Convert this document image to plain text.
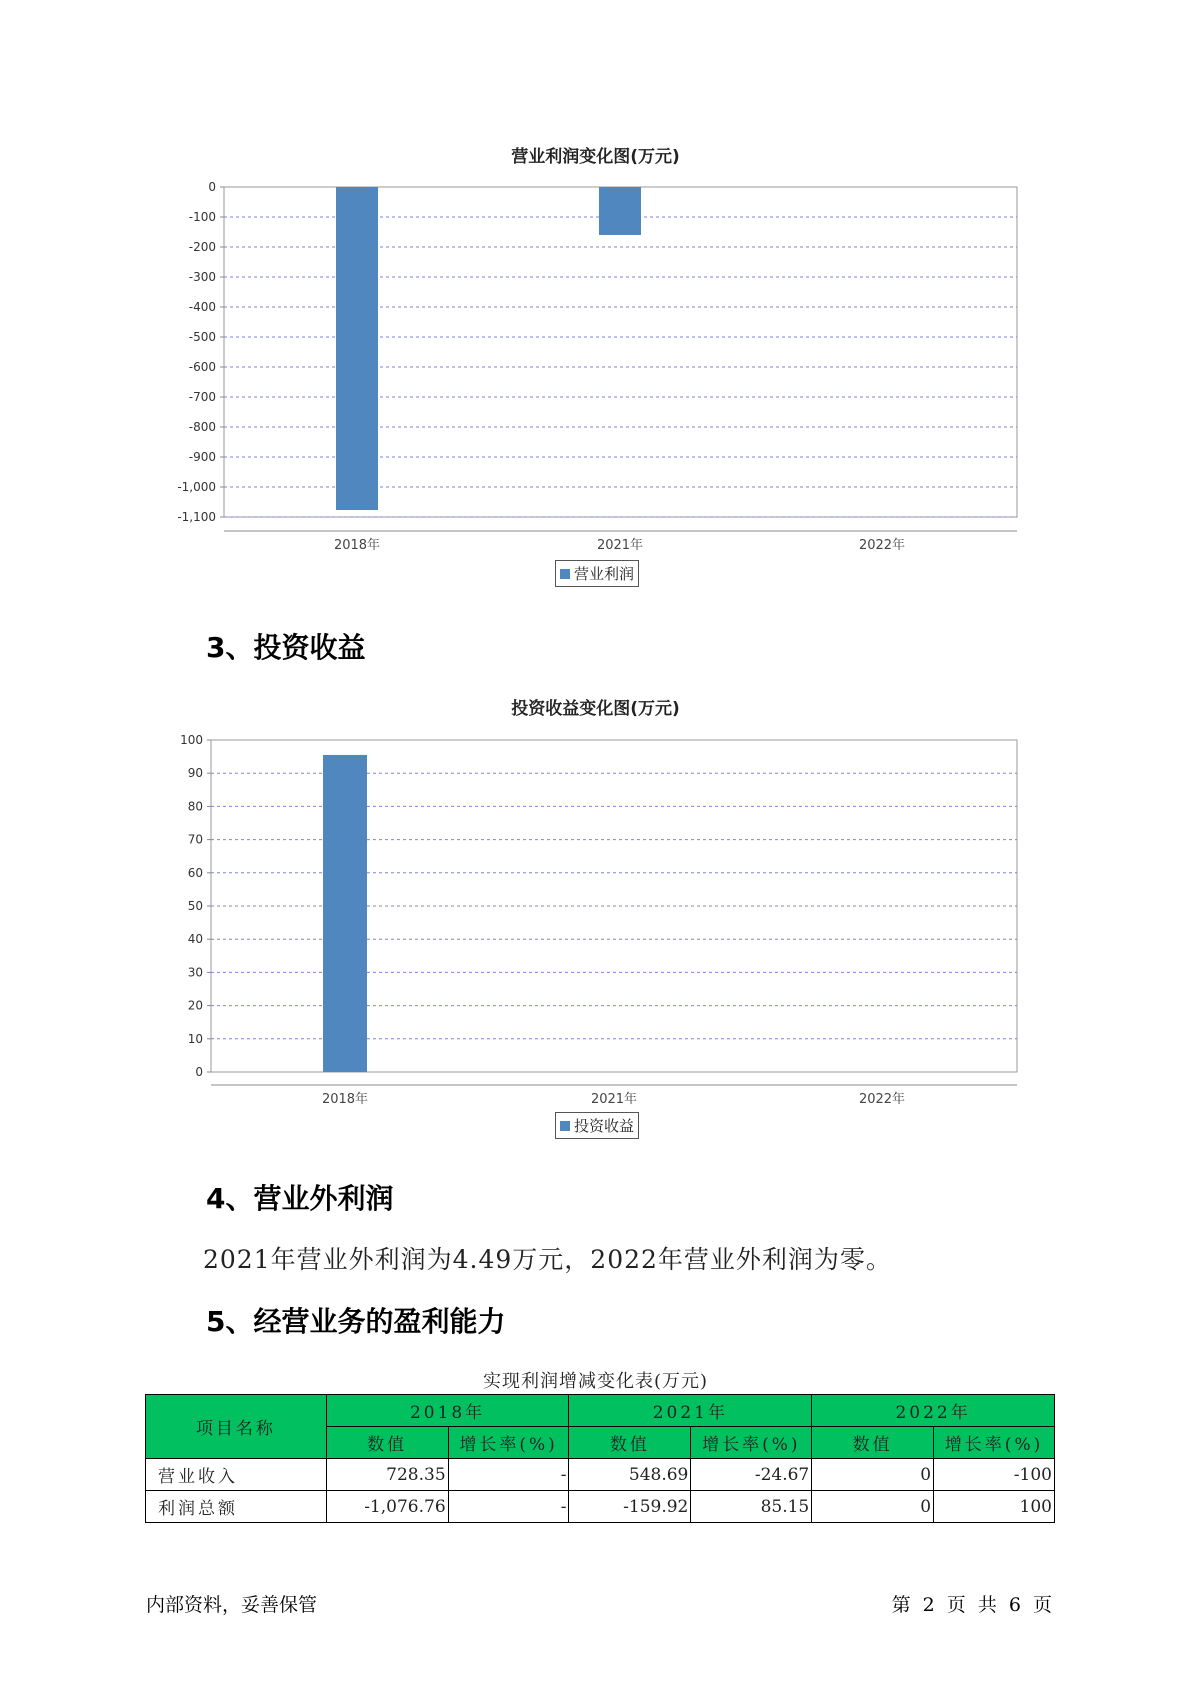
营业利润变化图(万元)
0
-100
-200
-300
-400
-500
-600
-700
-800
-900
-1,000
-1,100
2018年	2021年	2022年
营业利润
3、投资收益
投资收益变化图(万元)
0
10
20
30
40
50
60
70
80
90
100
2018年	2021年	2022年
投资收益
4、营业外利润
2021年营业外利润为4.49万元，2022年营业外利润为零。
5、经营业务的盈利能力
实现利润增减变化表(万元)
项目名称	2018年		2021年		2022年	
	数值	增长率(%)	数值	增长率(%)	数值	增长率(%)
营业收入	728.35	-	548.69	-24.67	0	-100
利润总额	-1,076.76	-	-159.92	85.15	0	100
内部资料，妥善保管	第 2 页 共 6 页
